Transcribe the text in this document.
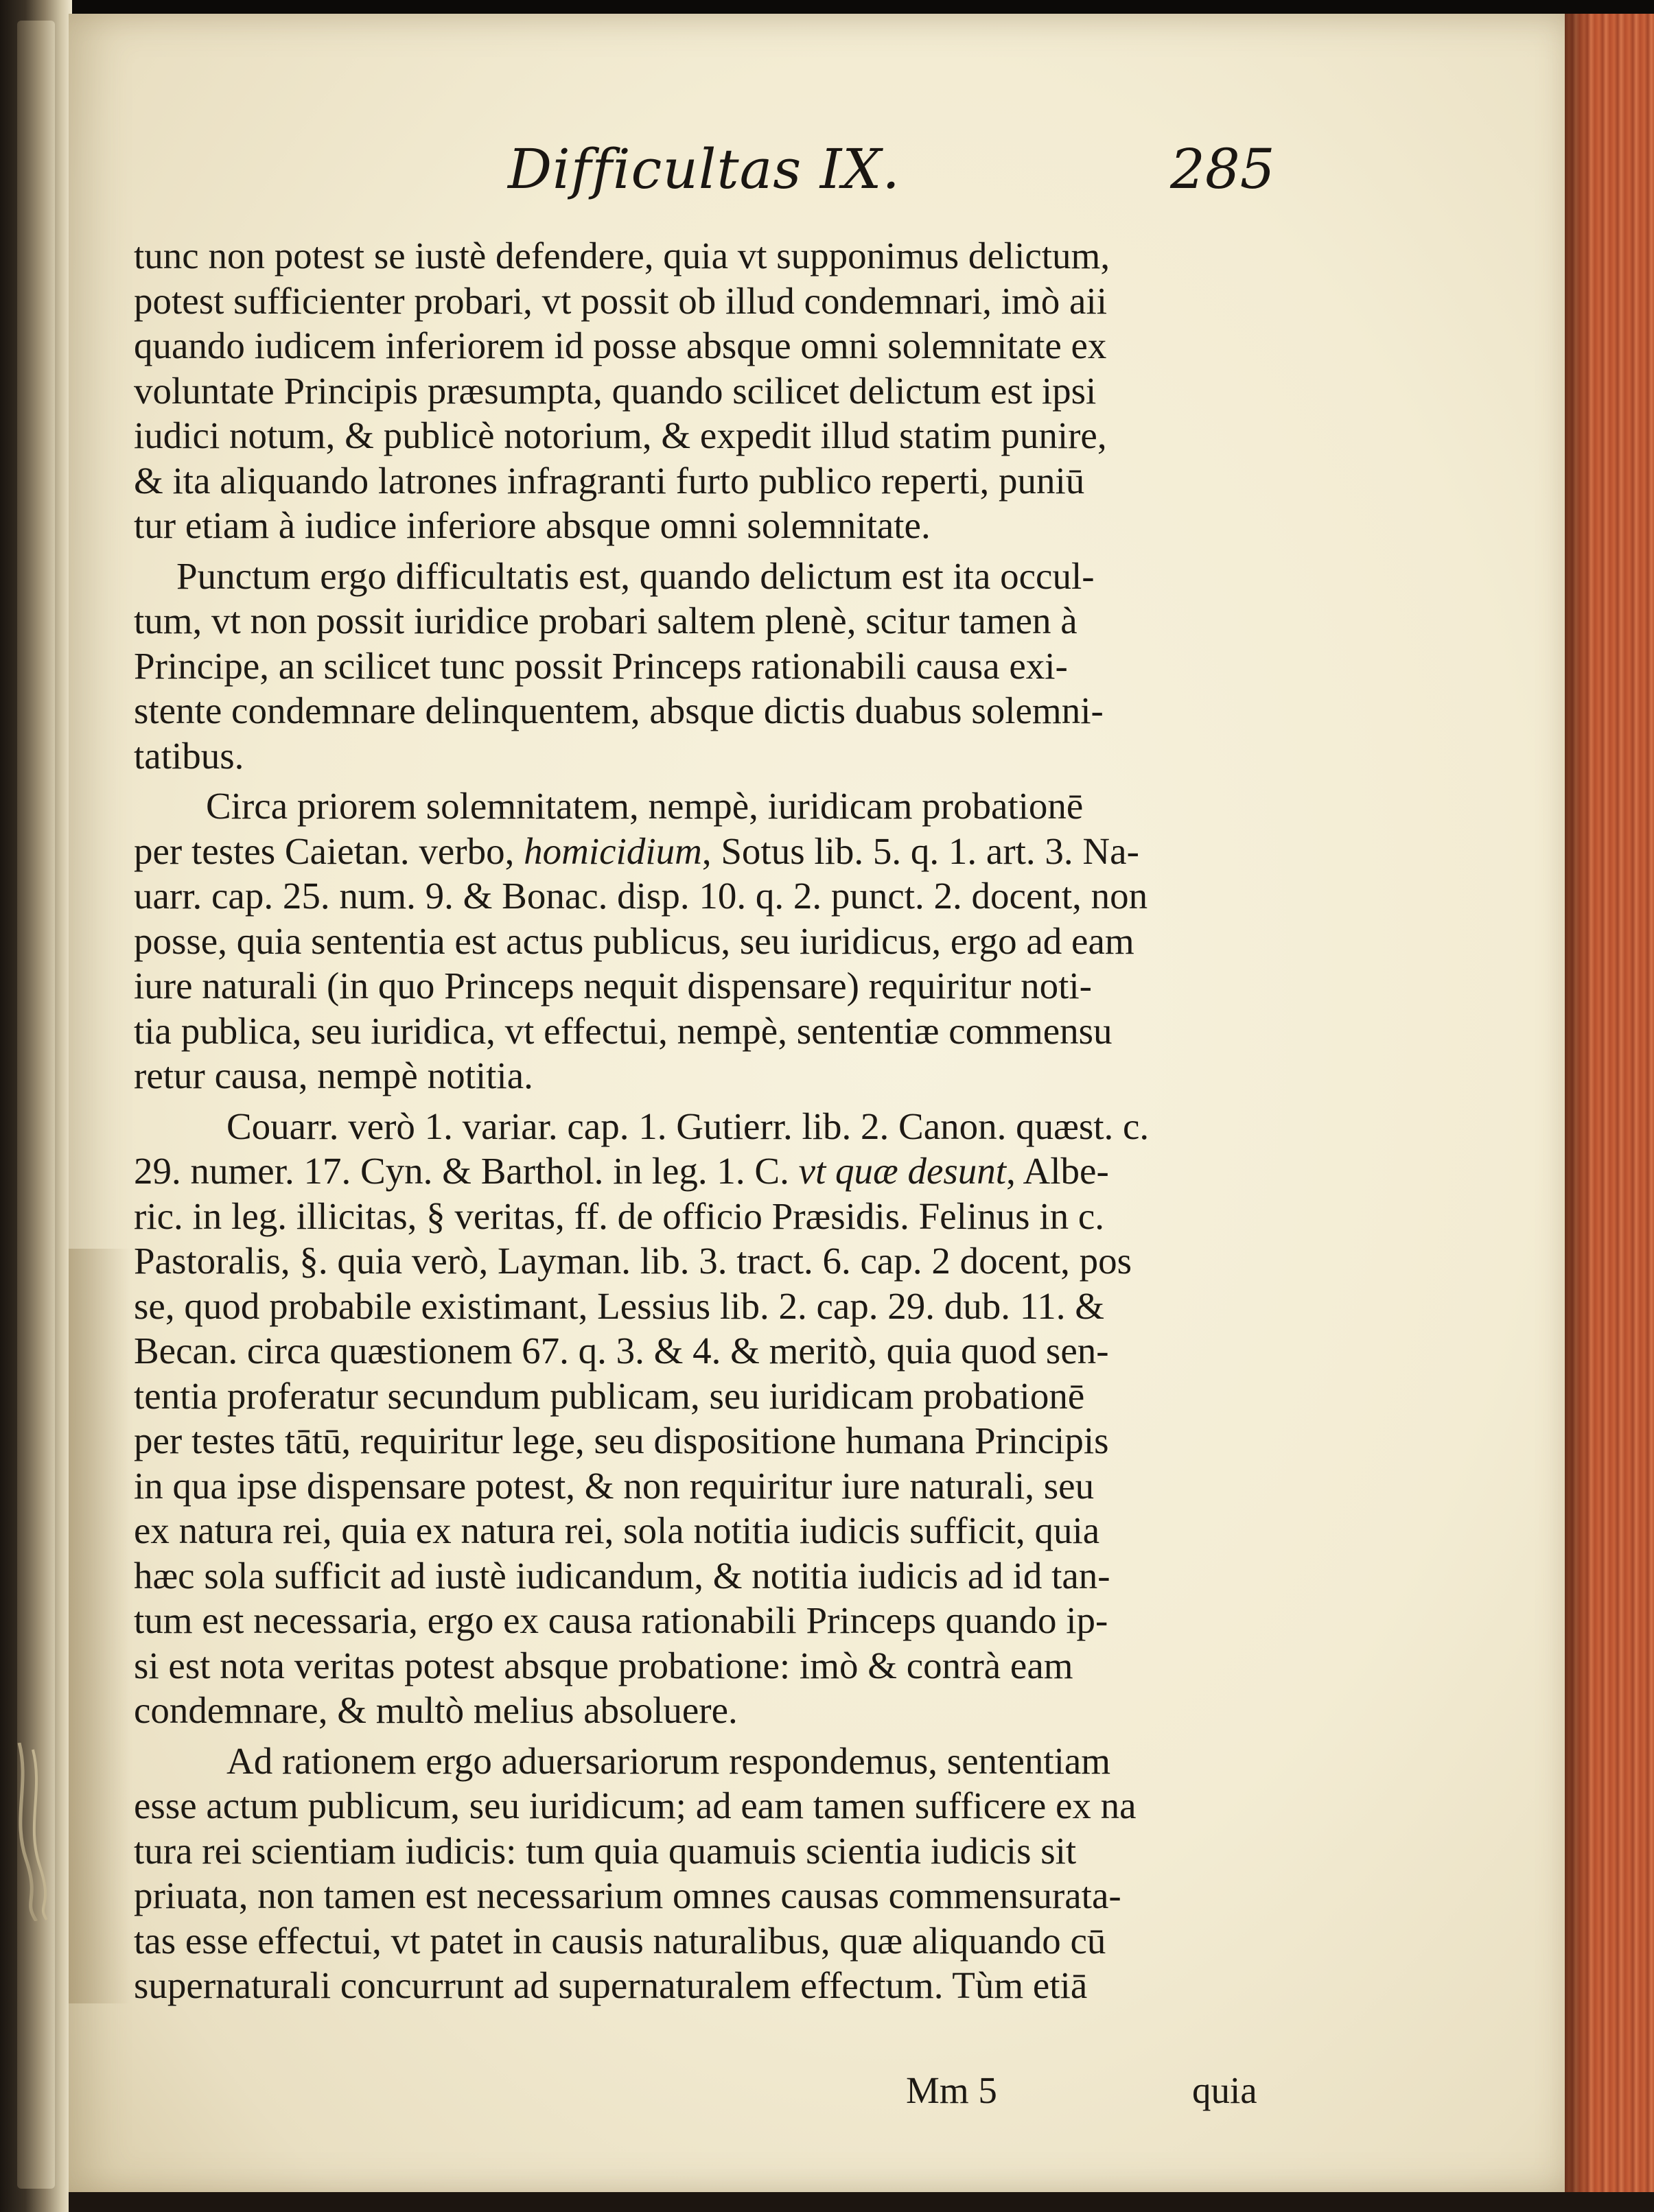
Difficultas IX.	285
tunc non potest se iustè defendere, quia vt supponimus delictum,
potest sufficienter probari, vt possit ob illud condemnari, imò aii
quando iudicem inferiorem id posse absque omni solemnitate ex
voluntate Principis præsumpta, quando scilicet delictum est ipsi
iudici notum, & publicè notorium, & expedit illud statim punire,
& ita aliquando latrones infragranti furto publico reperti, puniū
tur etiam à iudice inferiore absque omni solemnitate.
Punctum ergo difficultatis est, quando delictum est ita occul-
tum, vt non possit iuridice probari saltem plenè, scitur tamen à
Principe, an scilicet tunc possit Princeps rationabili causa exi-
stente condemnare delinquentem, absque dictis duabus solemni-
tatibus.
Circa priorem solemnitatem, nempè, iuridicam probationē
per testes Caietan. verbo, homicidium, Sotus lib. 5. q. 1. art. 3. Na-
uarr. cap. 25. num. 9. & Bonac. disp. 10. q. 2. punct. 2. docent, non
posse, quia sententia est actus publicus, seu iuridicus, ergo ad eam
iure naturali (in quo Princeps nequit dispensare) requiritur noti-
tia publica, seu iuridica, vt effectui, nempè, sententiæ commensu
retur causa, nempè notitia.
Couarr. verò 1. variar. cap. 1. Gutierr. lib. 2. Canon. quæst. c.
29. numer. 17. Cyn. & Barthol. in leg. 1. C. vt quæ desunt, Albe-
ric. in leg. illicitas, § veritas, ff. de officio Præsidis. Felinus in c.
Pastoralis, §. quia verò, Layman. lib. 3. tract. 6. cap. 2 docent, pos
se, quod probabile existimant, Lessius lib. 2. cap. 29. dub. 11. &
Becan. circa quæstionem 67. q. 3. & 4. & meritò, quia quod sen-
tentia proferatur secundum publicam, seu iuridicam probationē
per testes tātū, requiritur lege, seu dispositione humana Principis
in qua ipse dispensare potest, & non requiritur iure naturali, seu
ex natura rei, quia ex natura rei, sola notitia iudicis sufficit, quia
hæc sola sufficit ad iustè iudicandum, & notitia iudicis ad id tan-
tum est necessaria, ergo ex causa rationabili Princeps quando ip-
si est nota veritas potest absque probatione: imò & contrà eam
condemnare, & multò melius absoluere.
Ad rationem ergo aduersariorum respondemus, sententiam
esse actum publicum, seu iuridicum; ad eam tamen sufficere ex na
tura rei scientiam iudicis: tum quia quamuis scientia iudicis sit
priuata, non tamen est necessarium omnes causas commensurata-
tas esse effectui, vt patet in causis naturalibus, quæ aliquando cū
supernaturali concurrunt ad supernaturalem effectum. Tùm etiā
Mm 5	quia
